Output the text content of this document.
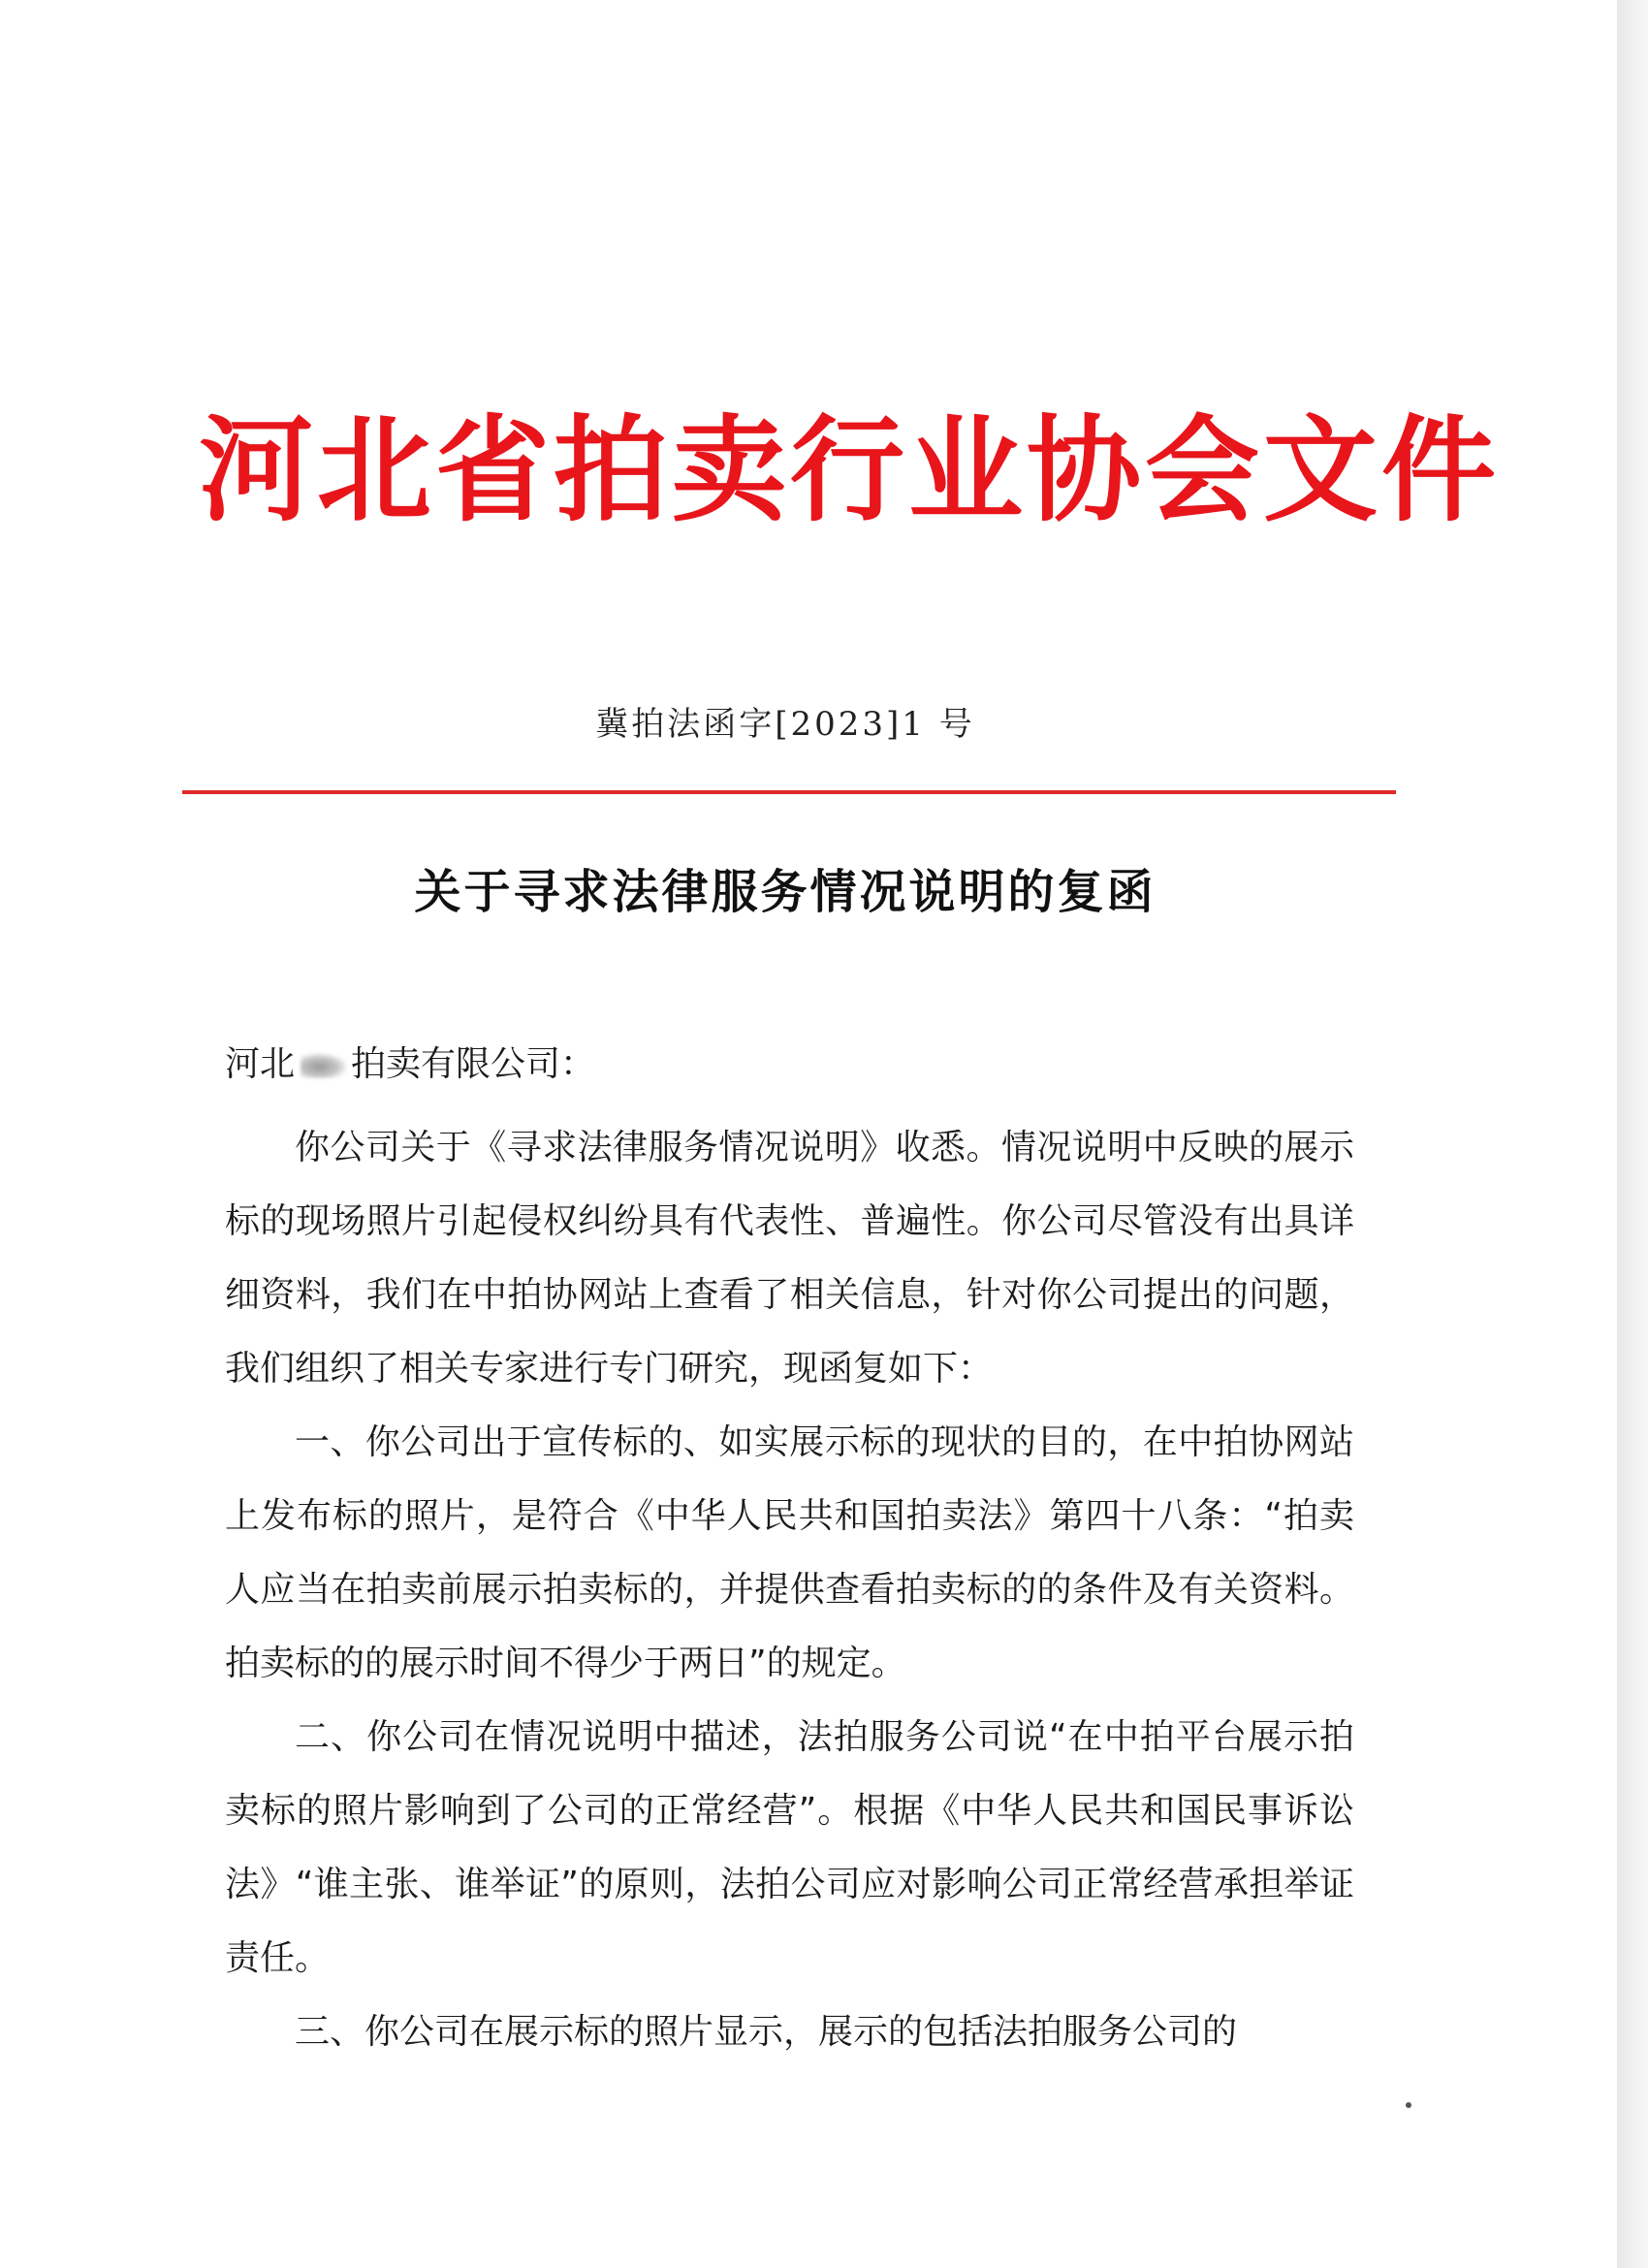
河北省拍卖行业协会文件
冀拍法函字[2023]1 号
关于寻求法律服务情况说明的复函
河北 拍卖有限公司：

你公司关于《寻求法律服务情况说明》收悉。情况说明中反映的展示标的现场照片引起侵权纠纷具有代表性、普遍性。你公司尽管没有出具详细资料，我们在中拍协网站上查看了相关信息，针对你公司提出的问题，我们组织了相关专家进行专门研究，现函复如下：

一、你公司出于宣传标的、如实展示标的现状的目的，在中拍协网站上发布标的照片，是符合《中华人民共和国拍卖法》第四十八条：“拍卖人应当在拍卖前展示拍卖标的，并提供查看拍卖标的的条件及有关资料。拍卖标的的展示时间不得少于两日”的规定。

二、你公司在情况说明中描述，法拍服务公司说“在中拍平台展示拍卖标的照片影响到了公司的正常经营”。根据《中华人民共和国民事诉讼法》“谁主张、谁举证”的原则，法拍公司应对影响公司正常经营承担举证责任。

三、你公司在展示标的照片显示，展示的包括法拍服务公司的
